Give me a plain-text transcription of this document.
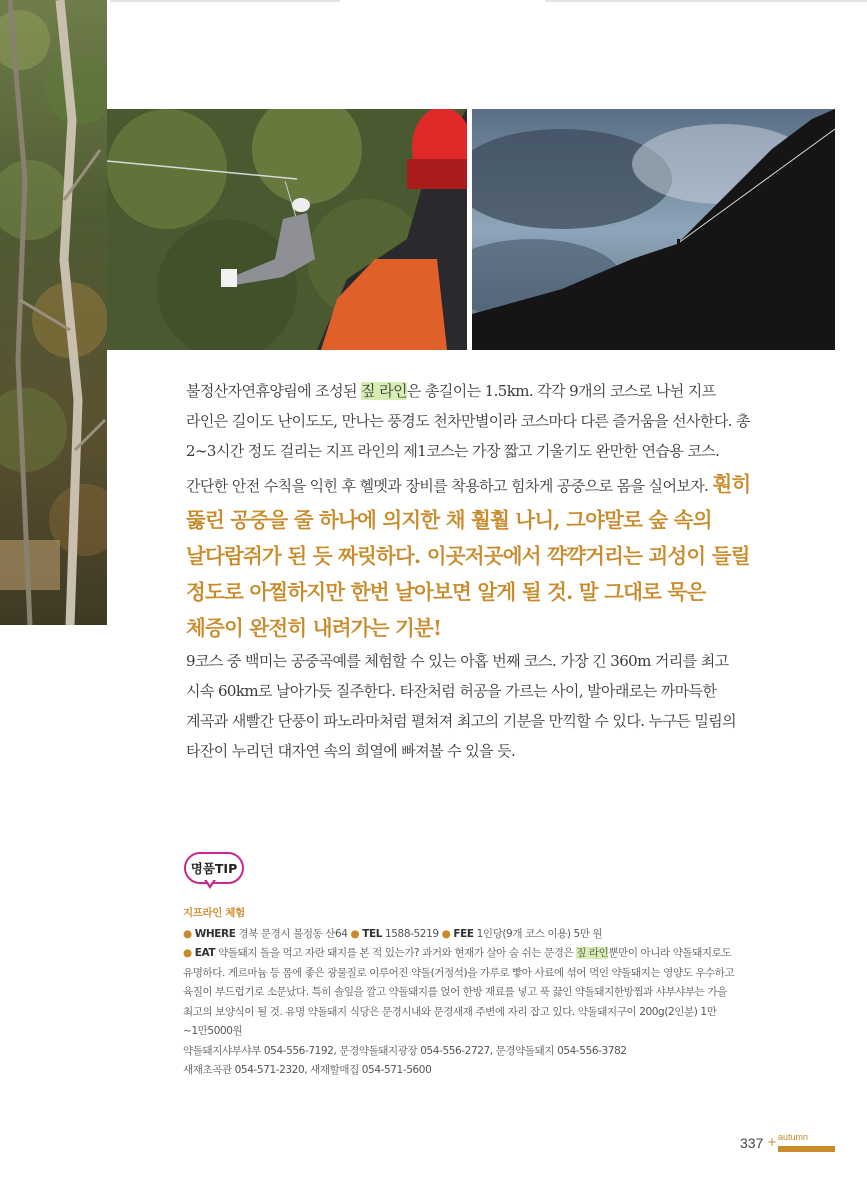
불정산자연휴양림에 조성된 짚 라인은 총길이는 1.5km. 각각 9개의 코스로 나뉜 지프 라인은 길이도 난이도도, 만나는 풍경도 천차만별이라 코스마다 다른 즐거움을 선사한다. 총 2~3시간 정도 걸리는 지프 라인의 제1코스는 가장 짧고 기울기도 완만한 연습용 코스. 간단한 안전 수칙을 익힌 후 헬멧과 장비를 착용하고 힘차게 공중으로 몸을 실어보자. 훤히 뚫린 공중을 줄 하나에 의지한 채 훨훨 나니, 그야말로 숲 속의 날다람쥐가 된 듯 짜릿하다. 이곳저곳에서 꺅꺅거리는 괴성이 들릴 정도로 아찔하지만 한번 날아보면 알게 될 것. 말 그대로 묵은 체증이 완전히 내려가는 기분!
9코스 중 백미는 공중곡예를 체험할 수 있는 아홉 번째 코스. 가장 긴 360m 거리를 최고 시속 60km로 날아가듯 질주한다. 타잔처럼 허공을 가르는 사이, 발아래로는 까마득한 계곡과 새빨간 단풍이 파노라마처럼 펼쳐져 최고의 기분을 만끽할 수 있다. 누구든 밀림의 타잔이 누리던 대자연 속의 희열에 빠져볼 수 있을 듯.
명품TIP
지프라인 체험
● WHERE 경북 문경시 불정동 산64 ● TEL 1588-5219 ● FEE 1인당(9개 코스 이용) 5만 원
● EAT 약돌돼지 돌을 먹고 자란 돼지를 본 적 있는가? 과거와 현재가 살아 숨 쉬는 문경은 짚 라인뿐만이 아니라 약돌돼지로도 유명하다. 게르마늄 등 몸에 좋은 광물질로 이루어진 약돌(거정석)을 가루로 빻아 사료에 섞어 먹인 약돌돼지는 영양도 우수하고 육질이 부드럽기로 소문났다. 특히 솔잎을 깔고 약돌돼지를 얹어 한방 재료를 넣고 푹 끓인 약돌돼지한방찜과 샤부샤부는 가을 최고의 보양식이 될 것. 유명 약돌돼지 식당은 문경시내와 문경새재 주변에 자리 잡고 있다. 약돌돼지구이 200g(2인분) 1만~1만5000원
약돌돼지샤부샤부 054-556-7192, 문경약돌돼지광장 054-556-2727, 문경약돌돼지 054-556-3782
새재초곡관 054-571-2320, 새재할매집 054-571-5600
337 + autumn
